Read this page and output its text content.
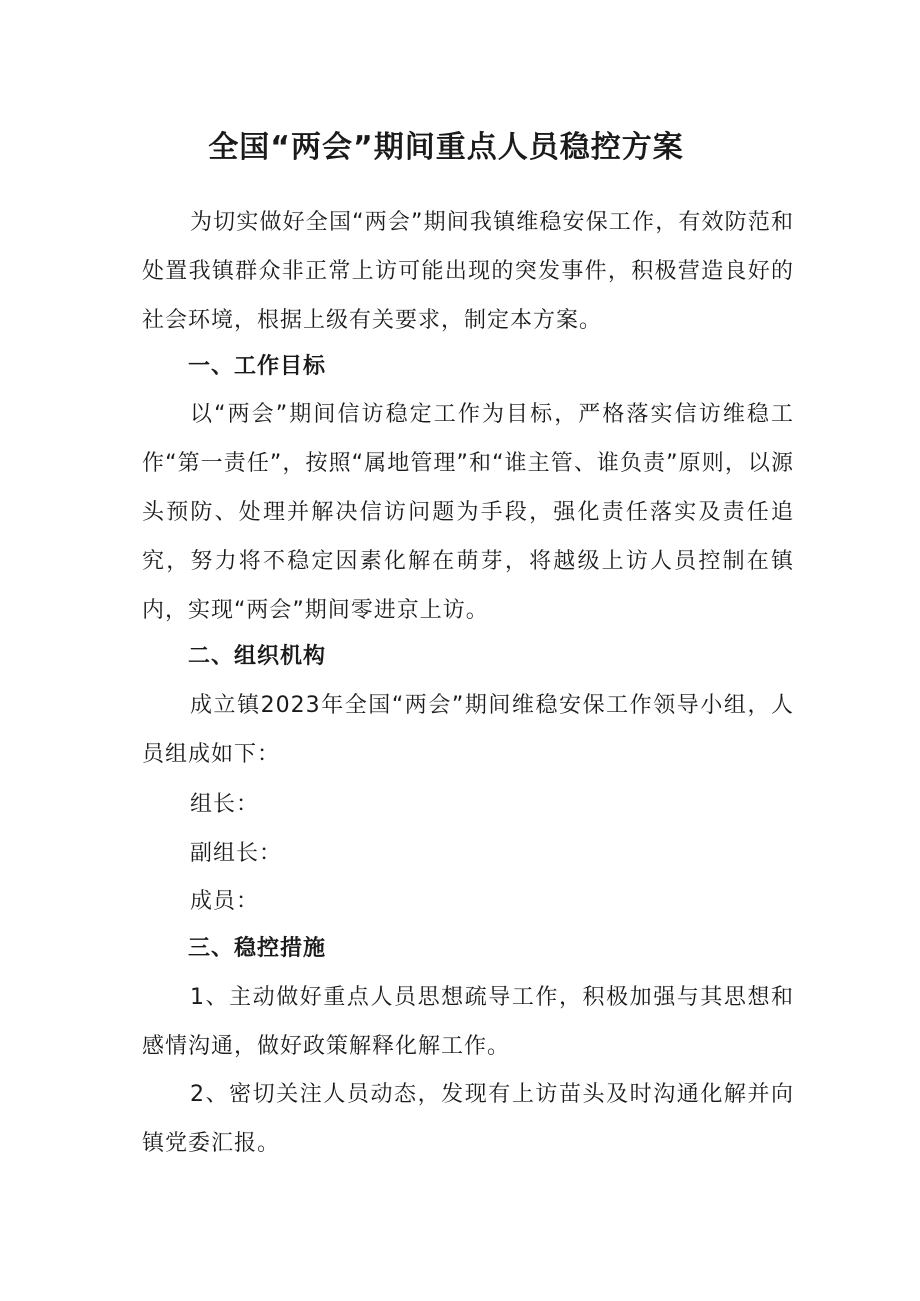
全国“两会”期间重点人员稳控方案

为切实做好全国“两会”期间我镇维稳安保工作，有效防范和处置我镇群众非正常上访可能出现的突发事件，积极营造良好的社会环境，根据上级有关要求，制定本方案。

一、工作目标

以“两会”期间信访稳定工作为目标，严格落实信访维稳工作“第一责任”，按照“属地管理”和“谁主管、谁负责”原则，以源头预防、处理并解决信访问题为手段，强化责任落实及责任追究，努力将不稳定因素化解在萌芽，将越级上访人员控制在镇内，实现“两会”期间零进京上访。

二、组织机构

成立镇2023年全国“两会”期间维稳安保工作领导小组，人员组成如下：

组长：
副组长：
成员：
三、稳控措施

1、主动做好重点人员思想疏导工作，积极加强与其思想和感情沟通，做好政策解释化解工作。

2、密切关注人员动态，发现有上访苗头及时沟通化解并向镇党委汇报。
